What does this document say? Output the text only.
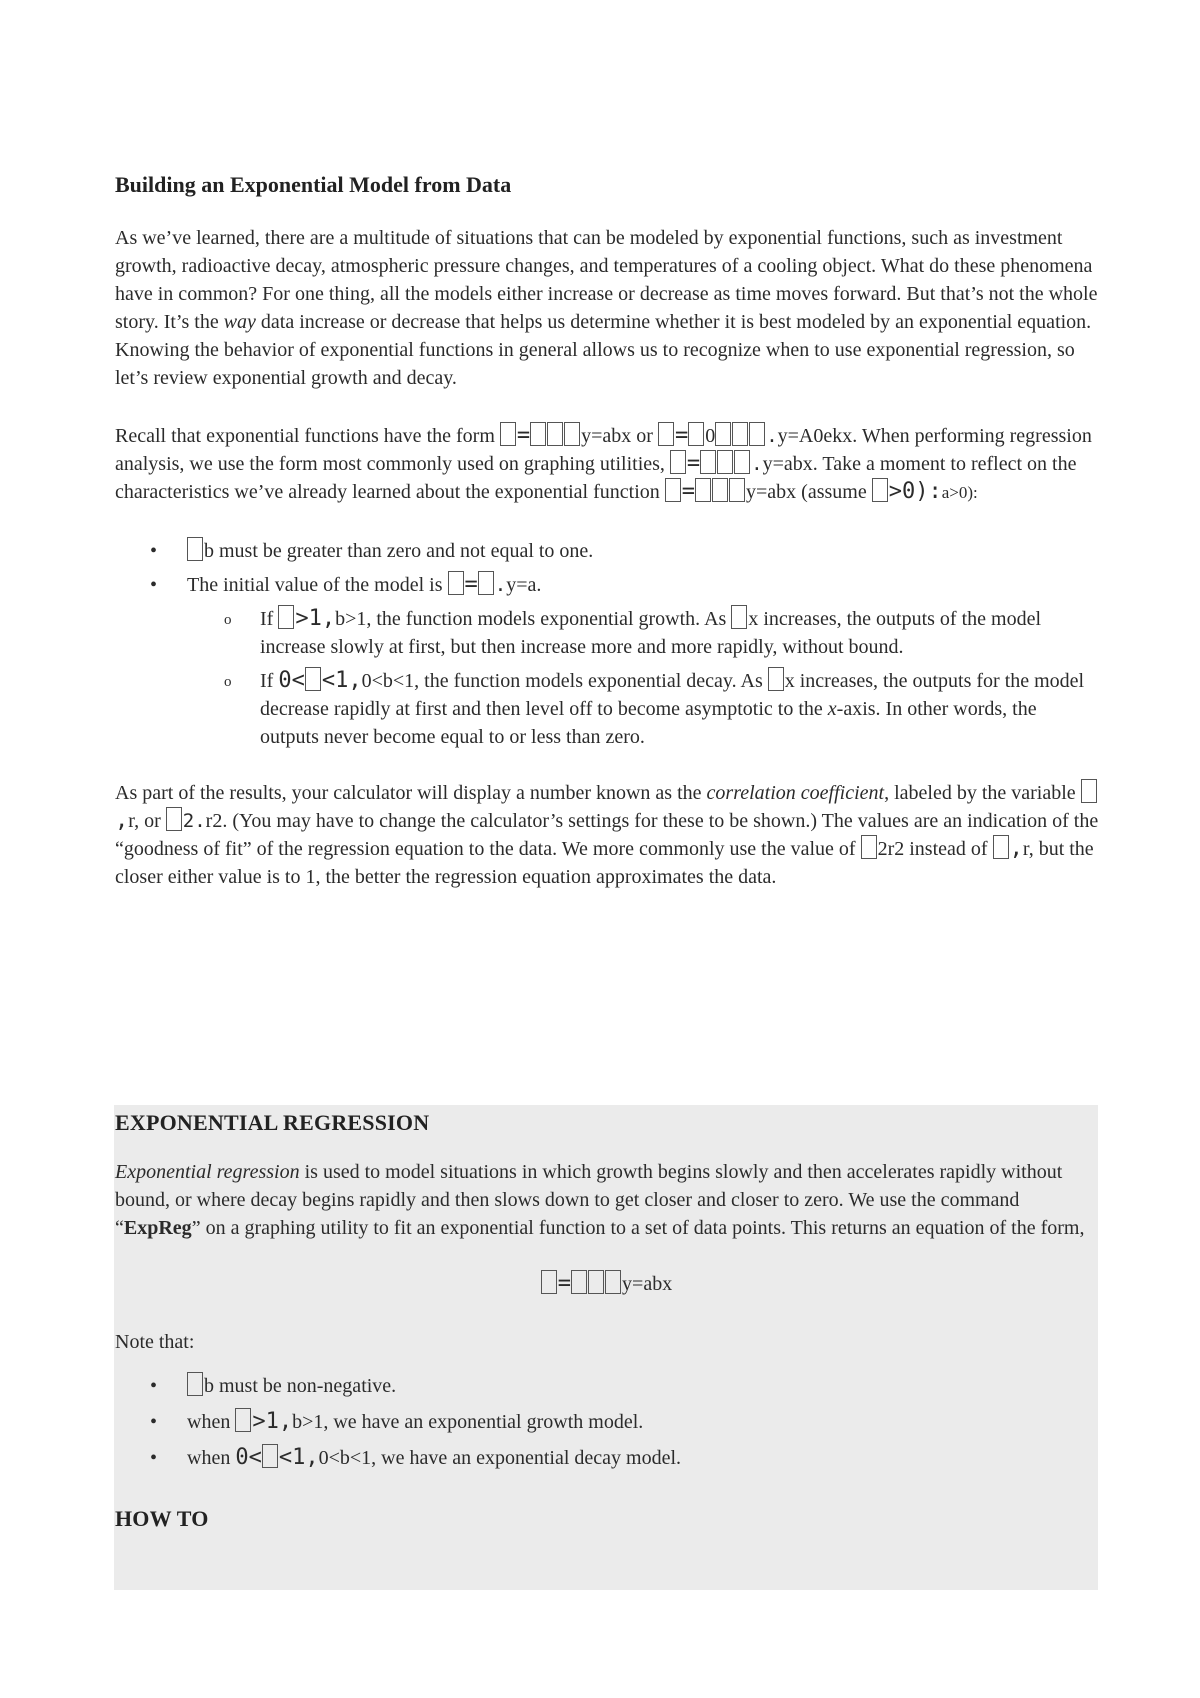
Building an Exponential Model from Data

As we’ve learned, there are a multitude of situations that can be modeled by exponential functions, such as investment growth, radioactive decay, atmospheric pressure changes, and temperatures of a cooling object. What do these phenomena have in common? For one thing, all the models either increase or decrease as time moves forward. But that’s not the whole story. It’s the way data increase or decrease that helps us determine whether it is best modeled by an exponential equation. Knowing the behavior of exponential functions in general allows us to recognize when to use exponential regression, so let’s review exponential growth and decay.

Recall that exponential functions have the form =	y=abx or = 0	.y=A0ekx. When performing regression analysis, we use the form most commonly used on graphing utilities, =	.y=abx. Take a moment to reflect on the characteristics we’ve already learned about the exponential function =	y=abx (assume >0):a>0):

• b must be greater than zero and not equal to one.
• The initial value of the model is = .y=a.
o If >1,b>1, the function models exponential growth. As x increases, the outputs of the model increase slowly at first, but then increase more and more rapidly, without bound.
o If 0< <1,0<b<1, the function models exponential decay. As x increases, the outputs for the model decrease rapidly at first and then level off to become asymptotic to the x-axis. In other words, the outputs never become equal to or less than zero.

As part of the results, your calculator will display a number known as the correlation coefficient, labeled by the variable ,r, or 2.r2. (You may have to change the calculator’s settings for these to be shown.) The values are an indication of the “goodness of fit” of the regression equation to the data. We more commonly use the value of 2r2 instead of ,r, but the closer either value is to 1, the better the regression equation approximates the data.

EXPONENTIAL REGRESSION

Exponential regression is used to model situations in which growth begins slowly and then accelerates rapidly without bound, or where decay begins rapidly and then slows down to get closer and closer to zero. We use the command “ExpReg” on a graphing utility to fit an exponential function to a set of data points. This returns an equation of the form,

=	y=abx

Note that:

• b must be non-negative.
• when >1,b>1, we have an exponential growth model.
• when 0< <1,0<b<1, we have an exponential decay model.
HOW TO
